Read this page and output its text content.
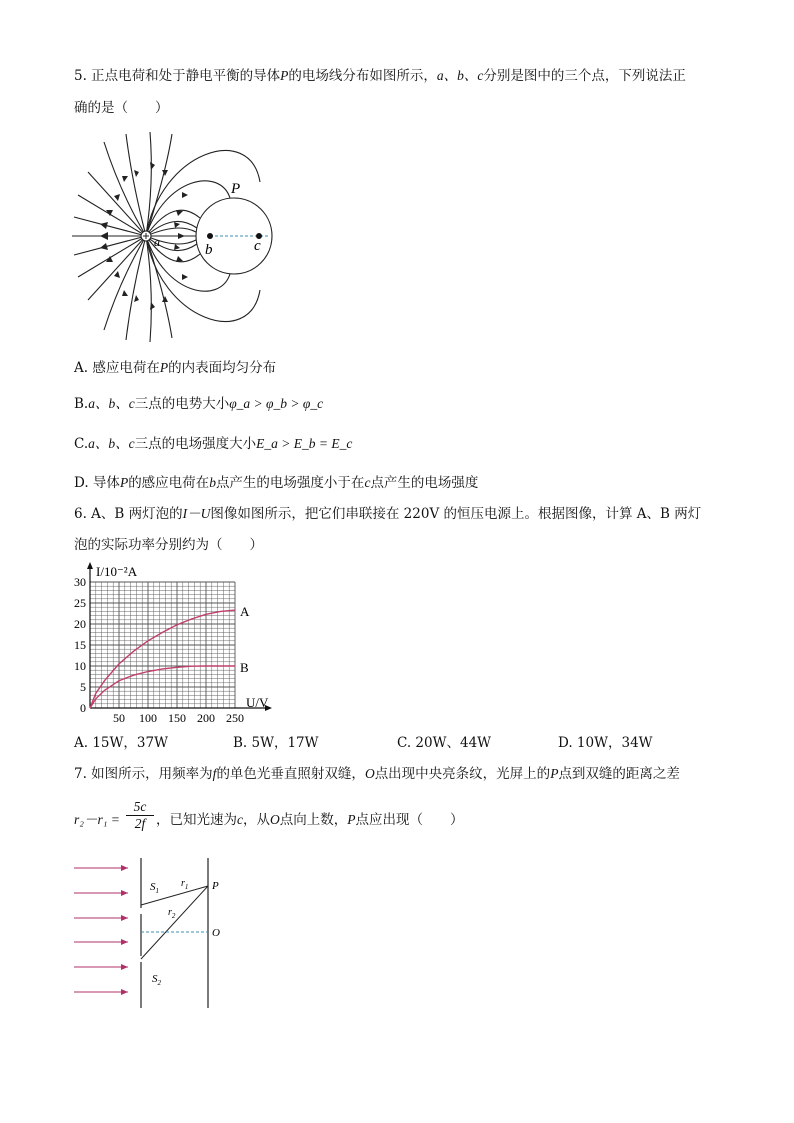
5. 正点电荷和处于静电平衡的导体P的电场线分布如图所示，a、b、c分别是图中的三个点，下列说法正
确的是（　　）
P
a	b	c
A. 感应电荷在P的内表面均匀分布
B.a、b、c三点的电势大小φ_a > φ_b > φ_c
C.a、b、c三点的电场强度大小E_a > E_b = E_c
D. 导体P的感应电荷在b点产生的电场强度小于在c点产生的电场强度
6. A、B 两灯泡的I－U图像如图所示，把它们串联接在 220V 的恒压电源上。根据图像，计算 A、B 两灯
泡的实际功率分别约为（　　）
30
25
20
15
10
5
0
50 100 150 200 250
I/10⁻²A
U/V
A
B
A. 15W，37W	B. 5W，17W	C. 20W、44W	D. 10W，34W
7. 如图所示，用频率为f的单色光垂直照射双缝，O点出现中央亮条纹，光屏上的P点到双缝的距离之差
r₂－r₁ =
5c
2f ，已知光速为c，从O点向上数，P点应出现（　　）
$S_1$
$S_2$
$r_1$
$r_2$
P
O
